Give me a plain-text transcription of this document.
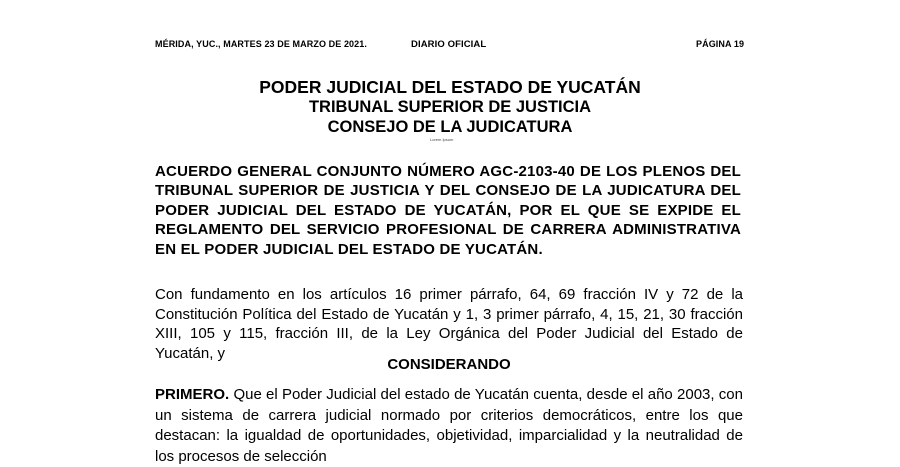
MÉRIDA, YUC., MARTES 23 DE MARZO DE 2021.	DIARIO OFICIAL	PÁGINA 19
PODER JUDICIAL DEL ESTADO DE YUCATÁN
TRIBUNAL SUPERIOR DE JUSTICIA
CONSEJO DE LA JUDICATURA
Lorem Ipsum
ACUERDO GENERAL CONJUNTO NÚMERO AGC-2103-40 DE LOS PLENOS DEL TRIBUNAL SUPERIOR DE JUSTICIA Y DEL CONSEJO DE LA JUDICATURA DEL PODER JUDICIAL DEL ESTADO DE YUCATÁN, POR EL QUE SE EXPIDE EL REGLAMENTO DEL SERVICIO PROFESIONAL DE CARRERA ADMINISTRATIVA EN EL PODER JUDICIAL DEL ESTADO DE YUCATÁN.
Con fundamento en los artículos 16 primer párrafo, 64, 69 fracción IV y 72 de la Constitución Política del Estado de Yucatán y 1, 3 primer párrafo, 4, 15, 21, 30 fracción XIII, 105 y 115, fracción III, de la Ley Orgánica del Poder Judicial del Estado de Yucatán, y
CONSIDERANDO
PRIMERO. Que el Poder Judicial del estado de Yucatán cuenta, desde el año 2003, con un sistema de carrera judicial normado por criterios democráticos, entre los que destacan: la igualdad de oportunidades, objetividad, imparcialidad y la neutralidad de los procesos de selección
